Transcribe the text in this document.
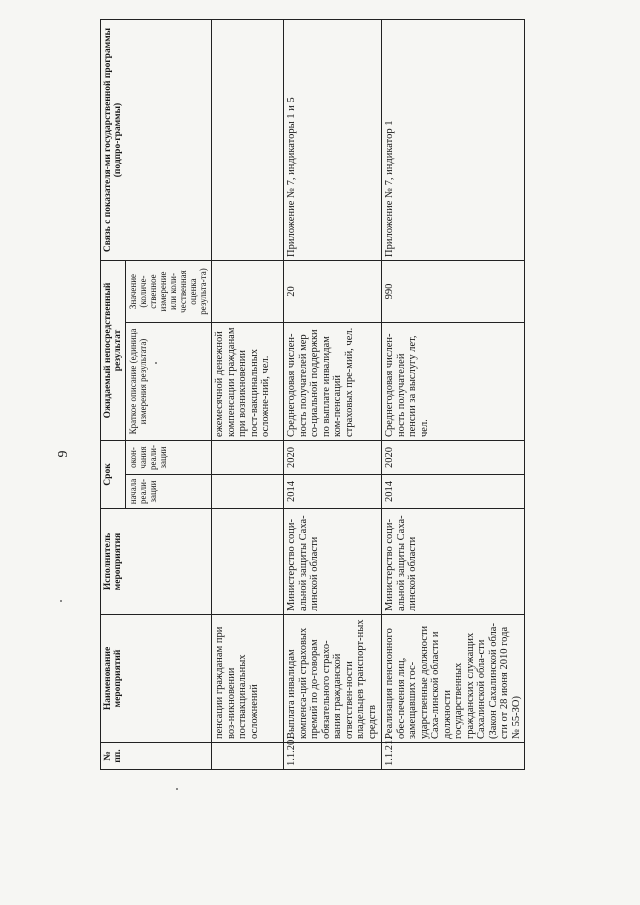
9
№ пп.	Наименование мероприятий	Исполнитель мероприятия	Срок		Ожидаемый непосредственный результат		Связь с показателя-ми государственной программы (подпро-граммы)
			начала реали-зации	окон-чания реали-зации	Краткое описание (единица измерения результата)	Значение (количе-ственное измерение или коли-чественная оценка результа-та)	
	пенсации гражданам при воз-никновении поствакцинальных осложнений				ежемесячной денежной компенсации гражданам при возникновении пост-вакцинальных осложне-ний, чел.		
1.1.20.	Выплата инвалидам компенса-ций страховых премий по до-говорам обязательного страхо-вания гражданской ответствен-ности владельцев транспорт-ных средств	Министерство соци-альной защиты Саха-линской области	2014	2020	Среднегодовая числен-ность получателей мер со-циальной поддержки по выплате инвалидам ком-пенсаций страховых пре-мий, чел.	20	Приложение № 7, индикаторы 1 и 5
1.1.21.	Реализация пенсионного обес-печения лиц, замещавших гос-ударственные должности Саха-линской области и должности государственных гражданских служащих Сахалинской обла-сти (Закон Сахалинской обла-сти от 28 июня 2010 года № 55-ЗО)	Министерство соци-альной защиты Саха-линской области	2014	2020	Среднегодовая числен-ность получателей пенсии за выслугу лет, чел.	990	Приложение № 7, индикатор 1
